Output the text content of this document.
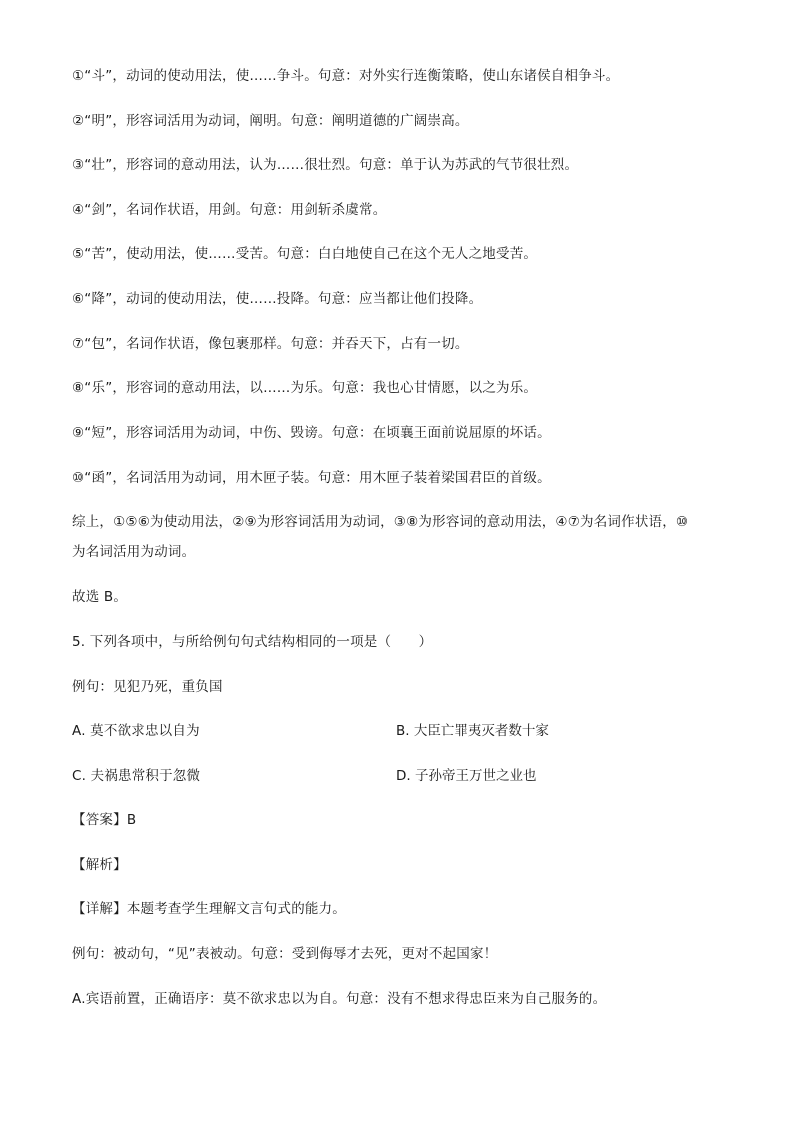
①“斗”，动词的使动用法，使……争斗。句意：对外实行连衡策略，使山东诸侯自相争斗。
②“明”，形容词活用为动词，阐明。句意：阐明道德的广阔崇高。
③“壮”，形容词的意动用法，认为……很壮烈。句意：单于认为苏武的气节很壮烈。
④“剑”，名词作状语，用剑。句意：用剑斩杀虞常。
⑤“苦”，使动用法，使……受苦。句意：白白地使自己在这个无人之地受苦。
⑥“降”，动词的使动用法，使……投降。句意：应当都让他们投降。
⑦“包”，名词作状语，像包裹那样。句意：并吞天下，占有一切。
⑧“乐”，形容词的意动用法，以……为乐。句意：我也心甘情愿，以之为乐。
⑨“短”，形容词活用为动词，中伤、毁谤。句意：在顷襄王面前说屈原的坏话。
⑩“函”，名词活用为动词，用木匣子装。句意：用木匣子装着梁国君臣的首级。
综上，①⑤⑥为使动用法，②⑨为形容词活用为动词，③⑧为形容词的意动用法，④⑦为名词作状语，⑩
为名词活用为动词。
故选 B。
5. 下列各项中，与所给例句句式结构相同的一项是（　　）
例句：见犯乃死，重负国
A. 莫不欲求忠以自为	B. 大臣亡罪夷灭者数十家
C. 夫祸患常积于忽微	D. 子孙帝王万世之业也
【答案】B
【解析】
【详解】本题考查学生理解文言句式的能力。
例句：被动句，“见”表被动。句意：受到侮辱才去死，更对不起国家！
A.宾语前置，正确语序：莫不欲求忠以为自。句意：没有不想求得忠臣来为自己服务的。
